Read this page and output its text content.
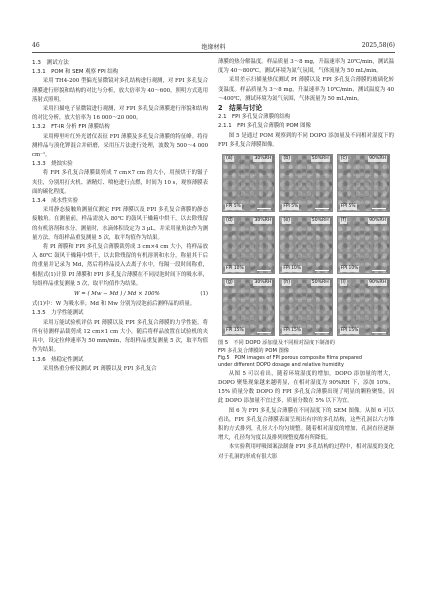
46	绝缘材料	2025,58(6)

1.3　测试方法

1.3.1　POM 和 SEM 观察 FPI 结构

采用 TH4-200 型偏光显微镜对多孔结构进行观测，对 FPI 多孔复合薄膜进行形貌和结构的对比与分析，放大倍率为 40～600，照明方式选用落射式照明。

采用扫描电子显微镜进行观测，对 FPI 多孔复合薄膜进行形貌和结构的对比分析，放大倍率为 16 000～20 000。

1.3.2　FT-IR 分析 FPI 薄膜结构

采用傅里叶红外光谱仪表征 FPI 薄膜及多孔复合薄膜的特征峰。将待测样品与溴化钾混合并研磨，采用压片法进行处理，波数为 500～4 000 cm⁻¹。

1.3.3　烧蚀实验

将 FPI 多孔复合薄膜裁剪成 7 cm×7 cm 的大小，用预烘干的镊子夹住，分别用打火机、酒精灯、喷枪进行点燃，时间为 10 s，观察薄膜表面的碳化程度。

1.3.4　成水性实验

采用静态接触角测量仪测定 FPI 薄膜以及 FPI 多孔复合薄膜的静态接触角。在测量前，样品需放入 80℃ 的鼓风干燥箱中烘干，以去除残留的有机溶剂和水分。测量时，水滴体积设定为 3 μL，并采用量角法作为测量方法。每组样品重复测量 5 次，取平均值作为结果。

将 PI 薄膜和 FPI 多孔复合薄膜裁剪成 3 cm×4 cm 大小，将样品放入 80℃ 鼓风干燥箱中烘干，以去除残留的有机溶剂和水分，称量其干后的重量并记录为 Md，然后将样品浸入去离子水中，每隔一段时间称重，根据式(1)计算 PI 薄膜和 FPI 多孔复合薄膜在不同浸泡时间下的吸水率，每组样品重复测量 5 次，取平均值作为结果。

W = ( Mw − Md ) / Md × 100%	(1)

式(1)中：W 为吸水率；Md 和 Mw 分别为浸泡前后测样品的质量。

1.3.5　力学性能测试

采用万能试验机评估 PI 薄膜以及 FPI 多孔复合薄膜的力学性能。将所有待测样品裁剪成 12 cm×1 cm 大小，随后将样品放置在试验机的夹具中，设定拉伸速率为 50 mm/min，每组样品重复测量 5 次，取平均值作为结果。

1.3.6　热稳定性测试

采用热重分析仪测试 PI 薄膜以及 FPI 多孔复合

薄膜的热分解温度。样品质量 3～8 mg，升温速率为 20℃/min，测试温度为 40～800℃，测试环境为氮气氛围，气体流量为 50 mL/min。

采用差示扫描量热仪测试 PI 薄膜以及 FPI 多孔复合薄膜的玻璃化转变温度。样品质量为 3～8 mg，升温速率为 10℃/min，测试温度为 40～400℃，测试环境为氮气氛围，气体流量为 50 mL/min。

2　结果与讨论

2.1　FPI 多孔复合薄膜的结构

2.1.1　FPI 多孔复合薄膜的 POM 图像

图 5 是通过 POM 观察到的不同 DOPO 添加量及不同相对湿度下的 FPI 多孔复合薄膜图像。

(a)	30%RH
FPI 5%
(b)	50%RH
FPI 5%
(c)	90%RH
FPI 5%
(d)	30%RH
FPI 10%
(e)	50%RH
FPI 10%
(f)	90%RH
FPI 10%
(g)	30%RH
FPI 15%
(h)	50%RH
FPI 15%
(i)	90%RH
FPI 15%

图 5　不同 DOPO 添加量及不同相对湿度下制备的

FPI 多孔复合薄膜的 POM 图像

Fig.5　POM images of FPI porous composite films prepared
under different DOPO dosage and relative humidity

从图 5 可以看出，随着环境湿度的增加，DOPO 添加量的增大，DOPO 聚集现象越来越明显，在相对湿度为 90%RH 下，添加 10%、15% 质量分数 DOPO 的 FPI 多孔复合薄膜出现了明显的颗粒聚集。因此 DOPO 添加量不宜过多，质量分数在 5% 以下为宜。

图 6 为 FPI 多孔复合薄膜在不同湿度下的 SEM 图像。从图 6 可以看出，FPI 多孔复合薄膜表面呈现出有序的多孔结构，这些孔洞以六方堆积的方式排列，孔径大小均匀规整。随着相对湿度的增加，孔洞直径逐渐增大，孔径均匀度以及排列规整度都有所降低。

本实验利用呼吸图案法制备 FPI 多孔结构的过程中，相对湿度的变化对于孔洞的形成有很大影
